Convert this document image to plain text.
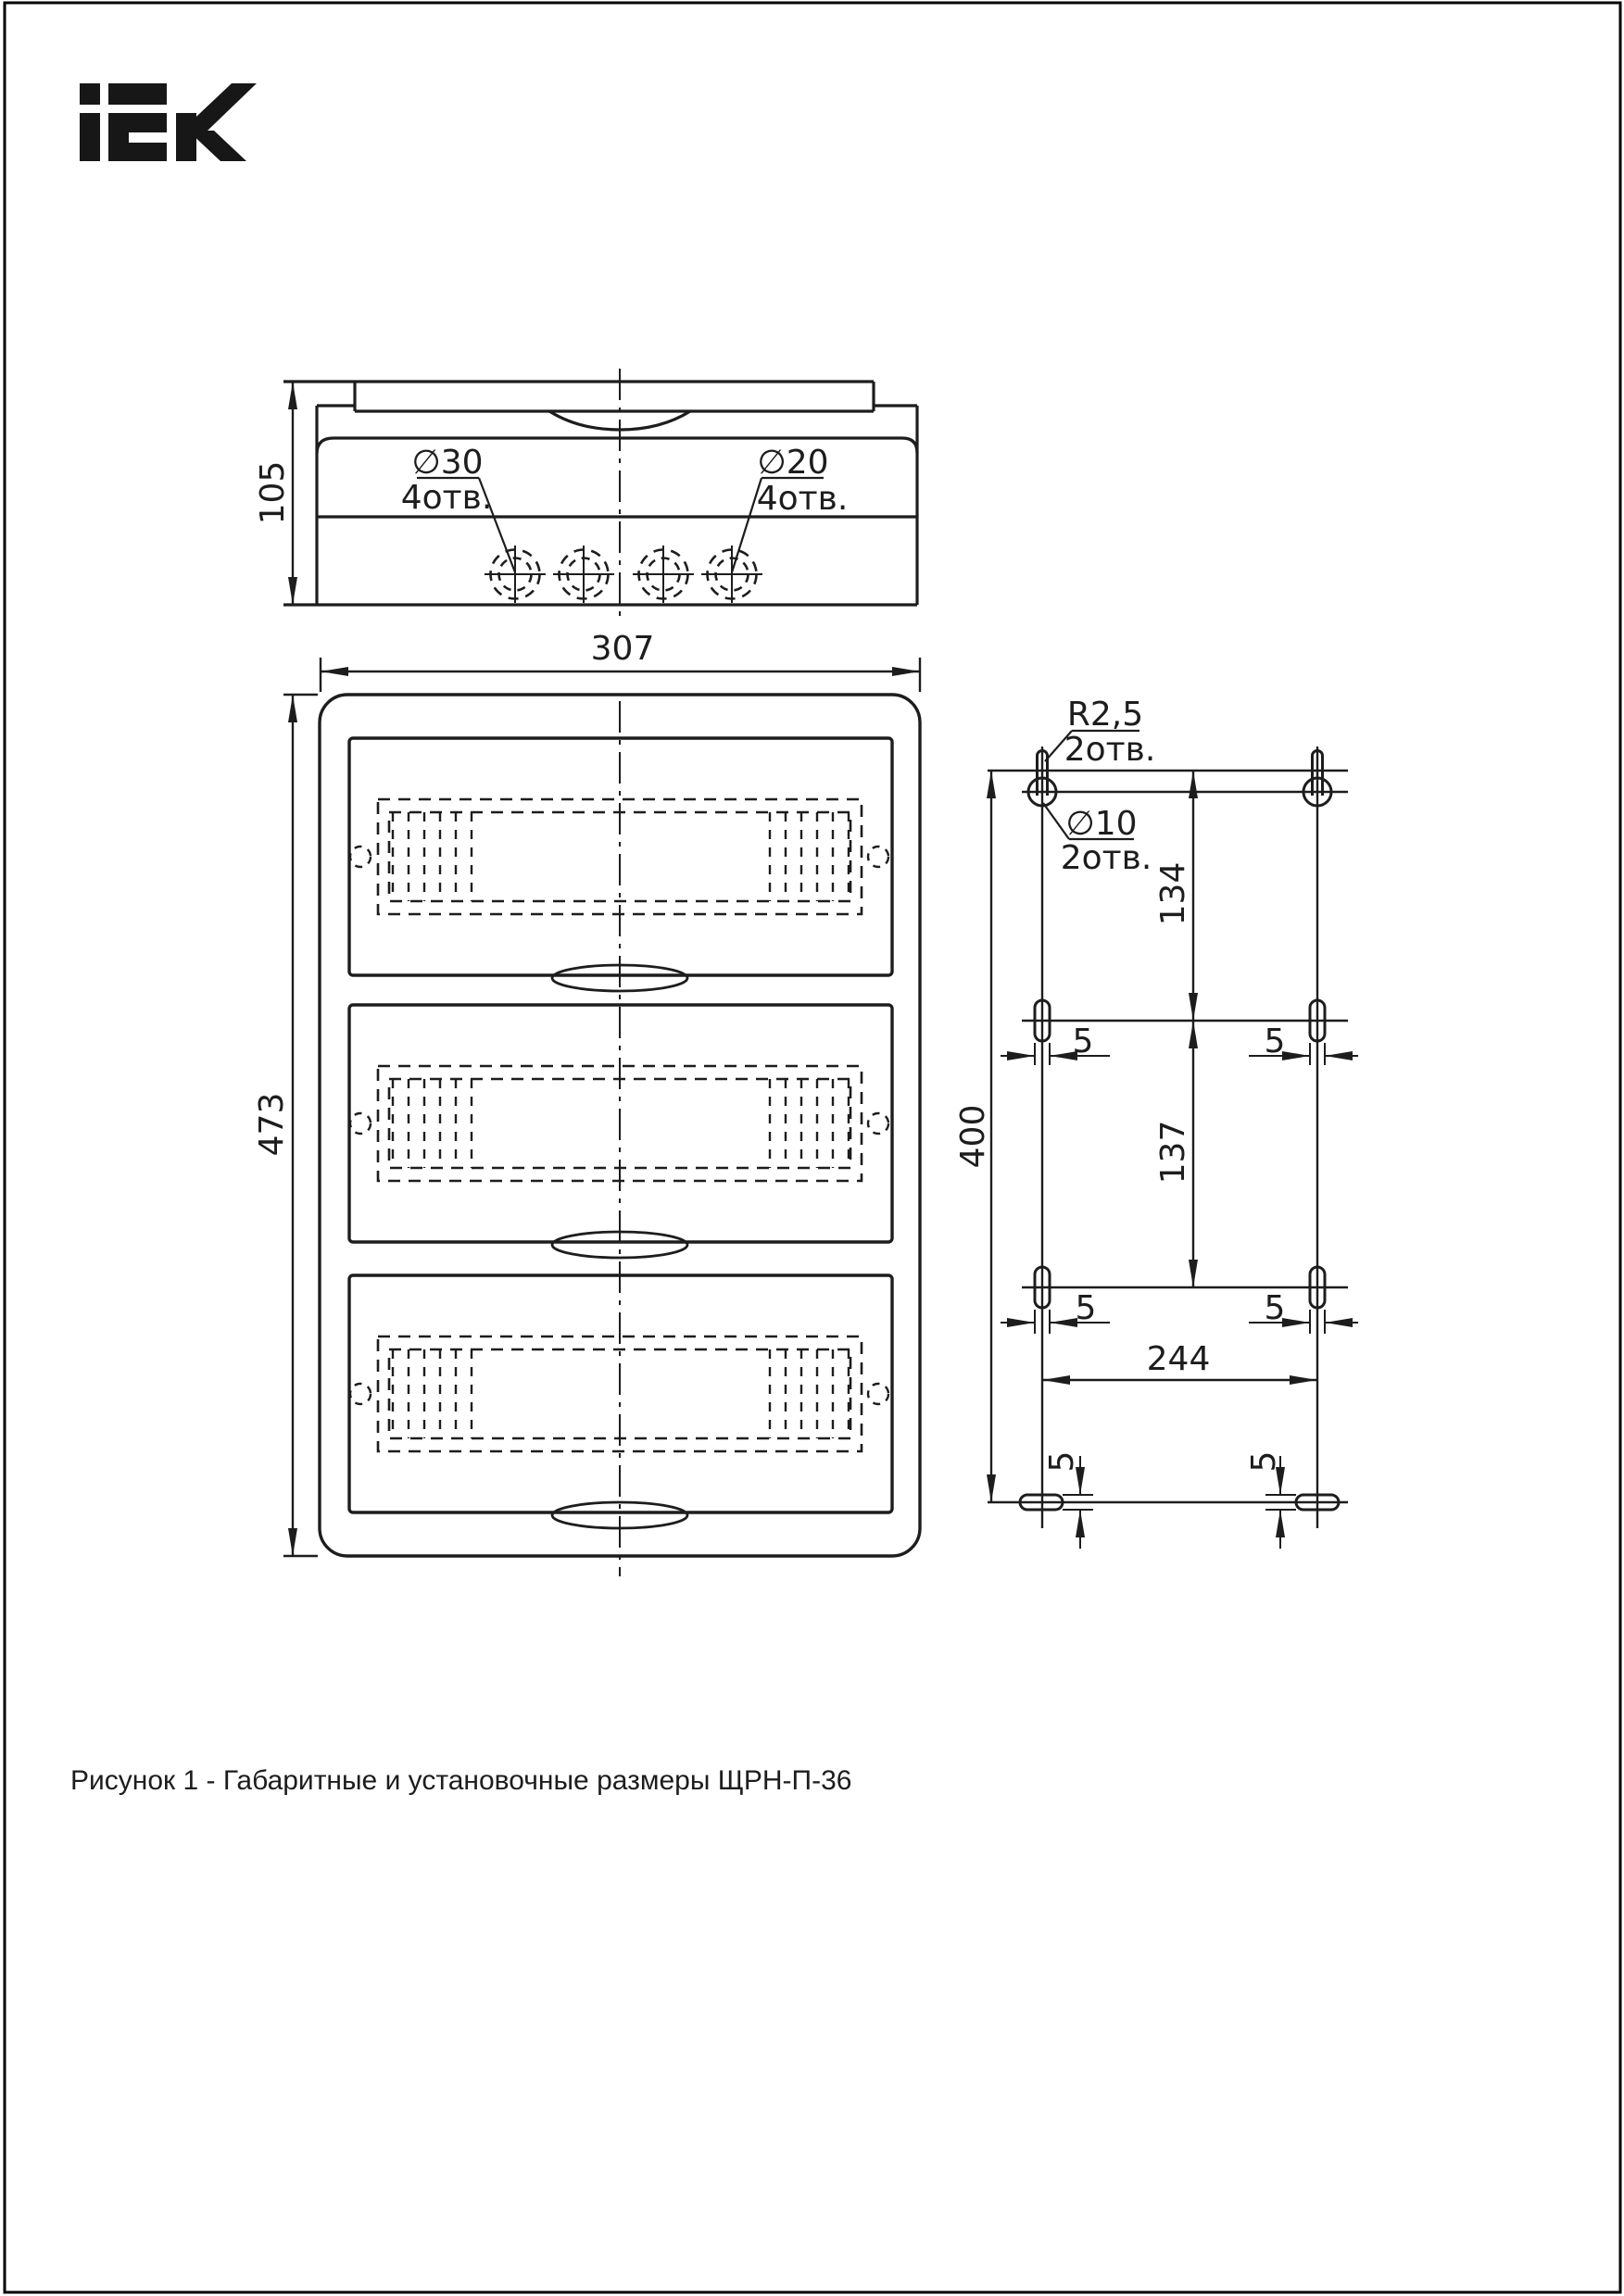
105	∅30
4отв.
∅20
4отв.
307
473
R2,5
2отв.
∅10
2отв.
134
137
400
244
5	5
5	5
5	5
Рисунок 1 - Габаритные и установочные размеры ЩРН-П-36
